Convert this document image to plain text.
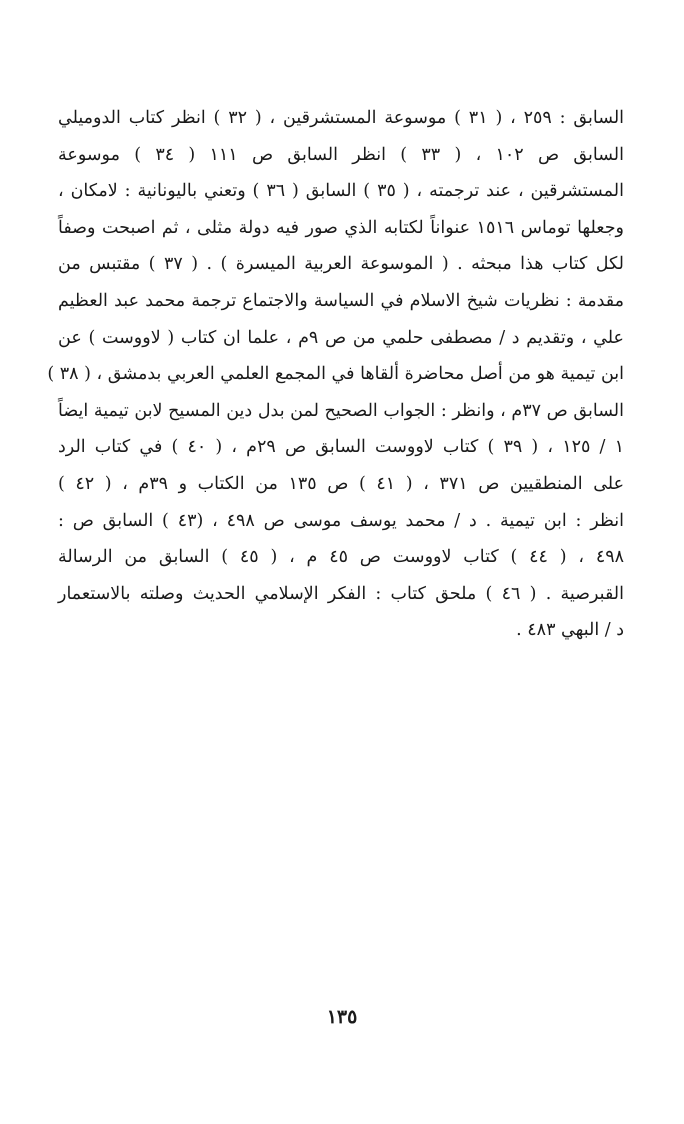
السابق : ٢٥٩ ، ( ٣١ ) موسوعة المستشرقين ، ( ٣٢ ) انظر كتاب الدوميلي
السابق ص ١٠٢ ، ( ٣٣ ) انظر السابق ص ١١١ ( ٣٤ ) موسوعة
المستشرقين ، عند ترجمته ، ( ٣٥ ) السابق ( ٣٦ ) وتعني باليونانية : لامكان ،
وجعلها توماس ١٥١٦ عنواناً لكتابه الذي صور فيه دولة مثلى ، ثم اصبحت وصفاً
لكل كتاب هذا مبحثه . ( الموسوعة العربية الميسرة ) . ( ٣٧ ) مقتبس من
مقدمة : نظريات شيخ الاسلام في السياسة والاجتماع ترجمة محمد عبد العظيم
علي ، وتقديم د / مصطفى حلمي من ص ٩م ، علما ان كتاب ( لاووست ) عن
ابن تيمية هو من أصل محاضرة ألقاها في المجمع العلمي العربي بدمشق ، ( ٣٨ )
السابق ص ٣٧م ، وانظر : الجواب الصحيح لمن بدل دين المسيح لابن تيمية ايضاً
١ / ١٢٥ ، ( ٣٩ ) كتاب لاووست السابق ص ٢٩م ، ( ٤٠ ) في كتاب الرد
على المنطقيين ص ٣٧١ ، ( ٤١ ) ص ١٣٥ من الكتاب و ٣٩م ، ( ٤٢ )
انظر : ابن تيمية . د / محمد يوسف موسى ص ٤٩٨ ، (٤٣ ) السابق ص :
٤٩٨ ، ( ٤٤ ) كتاب لاووست ص ٤٥ م ، ( ٤٥ ) السابق من الرسالة
القبرصية . ( ٤٦ ) ملحق كتاب : الفكر الإسلامي الحديث وصلته بالاستعمار
د / البهي ٤٨٣ .
١٣٥
